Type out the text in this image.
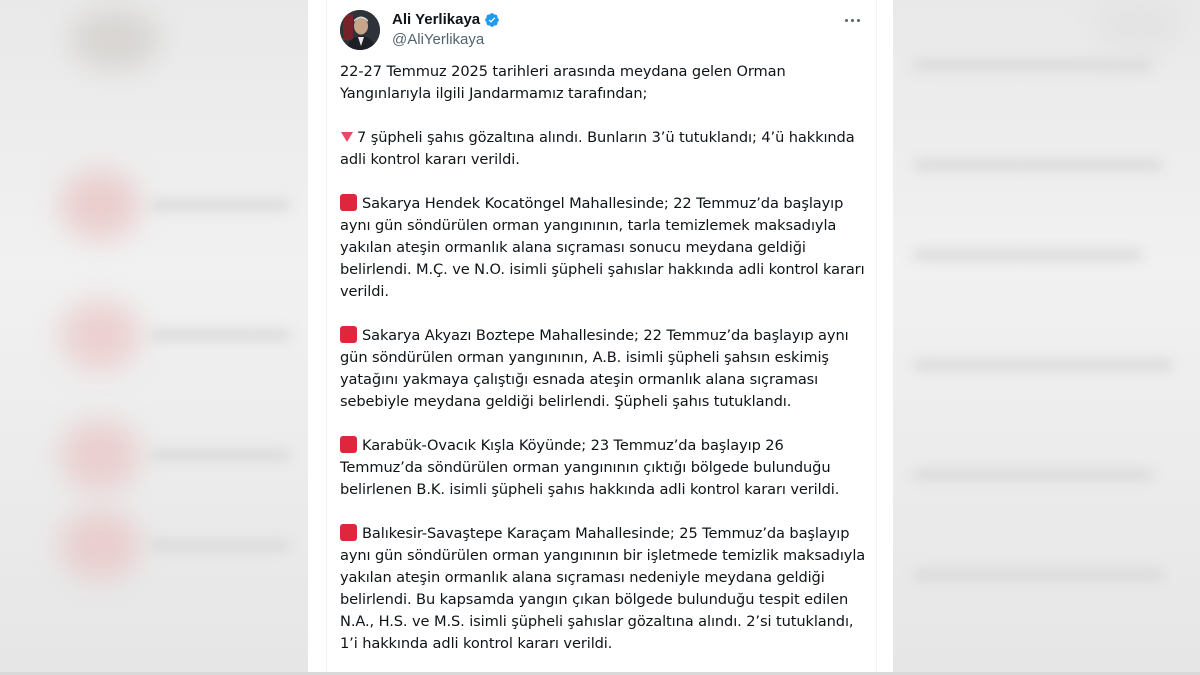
Ali Yerlikaya
@AliYerlikaya
22-27 Temmuz 2025 tarihleri arasında meydana gelen Orman
Yangınlarıyla ilgili Jandarmamız tarafından;
7 şüpheli şahıs gözaltına alındı. Bunların 3’ü tutuklandı; 4’ü hakkında
adli kontrol kararı verildi.
Sakarya Hendek Kocatöngel Mahallesinde; 22 Temmuz’da başlayıp
aynı gün söndürülen orman yangınının, tarla temizlemek maksadıyla
yakılan ateşin ormanlık alana sıçraması sonucu meydana geldiği
belirlendi. M.Ç. ve N.O. isimli şüpheli şahıslar hakkında adli kontrol kararı
verildi.
Sakarya Akyazı Boztepe Mahallesinde; 22 Temmuz’da başlayıp aynı
gün söndürülen orman yangınının, A.B. isimli şüpheli şahsın eskimiş
yatağını yakmaya çalıştığı esnada ateşin ormanlık alana sıçraması
sebebiyle meydana geldiği belirlendi. Şüpheli şahıs tutuklandı.
Karabük-Ovacık Kışla Köyünde; 23 Temmuz’da başlayıp 26
Temmuz’da söndürülen orman yangınının çıktığı bölgede bulunduğu
belirlenen B.K. isimli şüpheli şahıs hakkında adli kontrol kararı verildi.
Balıkesir-Savaştepe Karaçam Mahallesinde; 25 Temmuz’da başlayıp
aynı gün söndürülen orman yangınının bir işletmede temizlik maksadıyla
yakılan ateşin ormanlık alana sıçraması nedeniyle meydana geldiği
belirlendi. Bu kapsamda yangın çıkan bölgede bulunduğu tespit edilen
N.A., H.S. ve M.S. isimli şüpheli şahıslar gözaltına alındı. 2’si tutuklandı,
1’i hakkında adli kontrol kararı verildi.
